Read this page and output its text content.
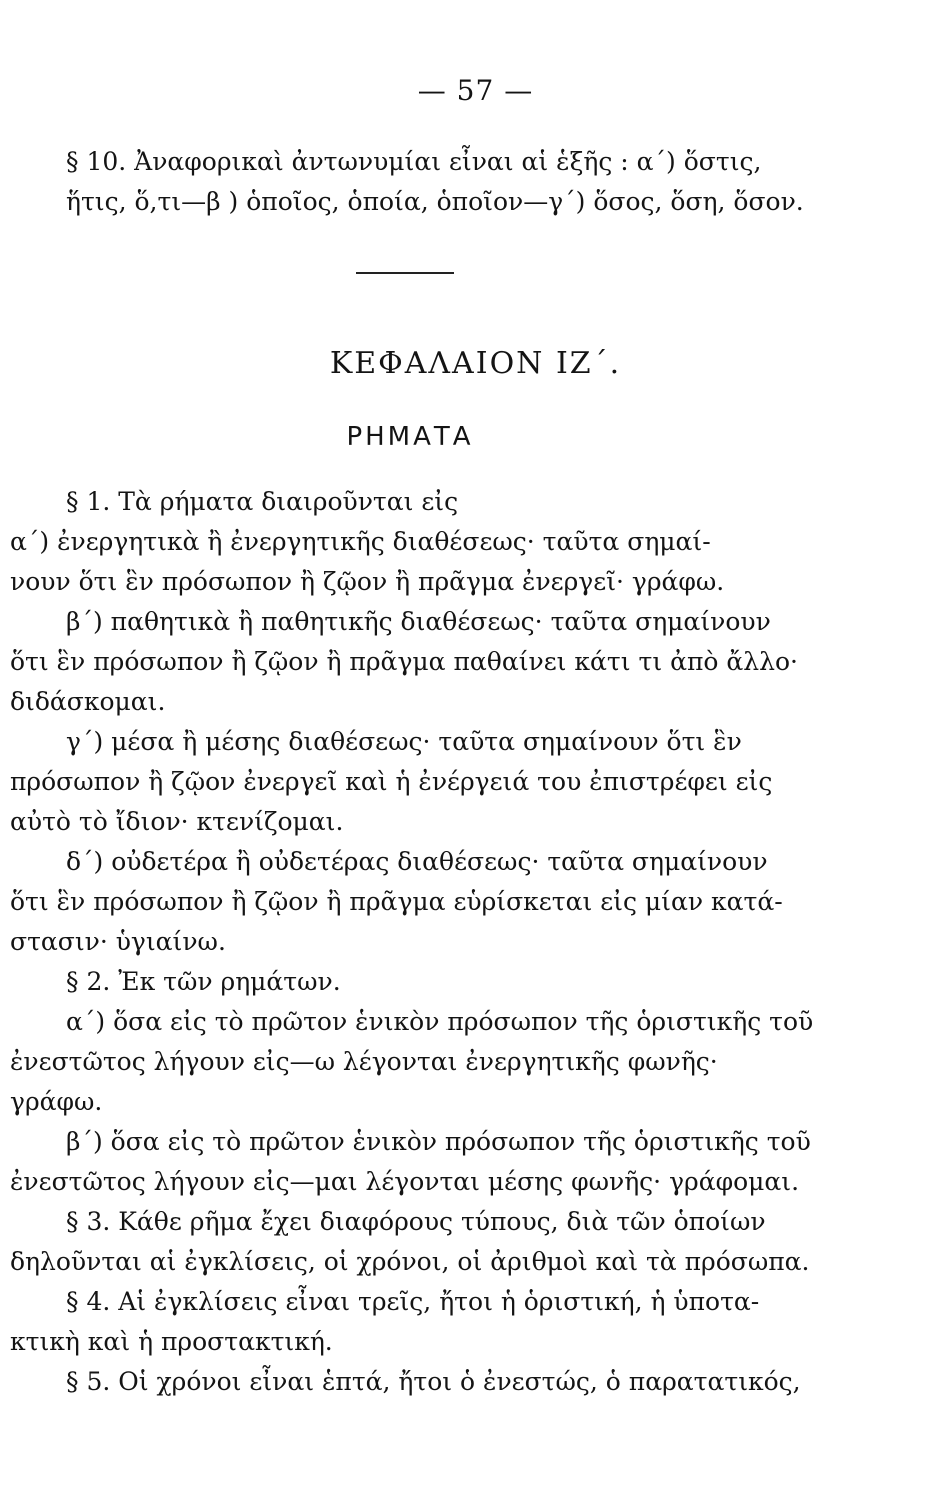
— 57 —

§ 10. Ἀναφορικαὶ ἀντωνυμίαι εἶναι αἱ ἑξῆς : α΄) ὅστις,
ἥτις, ὅ,τι—β ) ὁποῖος, ὁποία, ὁποῖον—γ΄) ὅσος, ὅση, ὅσον.

ΚΕΦΑΛΑΙΟΝ ΙΖ΄.
ΡΗΜΑΤΑ

§ 1. Τὰ ρήματα διαιροῦνται εἰς

α΄) ἐνεργητικὰ ἢ ἐνεργητικῆς διαθέσεως· ταῦτα σημαί-
νουν ὅτι ἓν πρόσωπον ἢ ζῷον ἢ πρᾶγμα ἐνεργεῖ· γράφω.

β΄) παθητικὰ ἢ παθητικῆς διαθέσεως· ταῦτα σημαίνουν
ὅτι ἓν πρόσωπον ἢ ζῷον ἢ πρᾶγμα παθαίνει κάτι τι ἀπὸ ἄλλο·
διδάσκομαι.

γ΄) μέσα ἢ μέσης διαθέσεως· ταῦτα σημαίνουν ὅτι ἓν
πρόσωπον ἢ ζῷον ἐνεργεῖ καὶ ἡ ἐνέργειά του ἐπιστρέφει εἰς
αὐτὸ τὸ ἴδιον· κτενίζομαι.

δ΄) οὐδετέρα ἢ οὐδετέρας διαθέσεως· ταῦτα σημαίνουν
ὅτι ἓν πρόσωπον ἢ ζῷον ἢ πρᾶγμα εὑρίσκεται εἰς μίαν κατά-
στασιν· ὑγιαίνω.

§ 2. Ἐκ τῶν ρημάτων.

α΄) ὅσα εἰς τὸ πρῶτον ἑνικὸν πρόσωπον τῆς ὁριστικῆς τοῦ
ἐνεστῶτος λήγουν εἰς—ω λέγονται ἐνεργητικῆς φωνῆς·
γράφω.

β΄) ὅσα εἰς τὸ πρῶτον ἑνικὸν πρόσωπον τῆς ὁριστικῆς τοῦ
ἐνεστῶτος λήγουν εἰς—μαι λέγονται μέσης φωνῆς· γράφομαι.

§ 3. Κάθε ρῆμα ἔχει διαφόρους τύπους, διὰ τῶν ὁποίων
δηλοῦνται αἱ ἐγκλίσεις, οἱ χρόνοι, οἱ ἀριθμοὶ καὶ τὰ πρόσωπα.

§ 4. Αἱ ἐγκλίσεις εἶναι τρεῖς, ἤτοι ἡ ὁριστική, ἡ ὑποτα-
κτικὴ καὶ ἡ προστακτική.

§ 5. Οἱ χρόνοι εἶναι ἑπτά, ἤτοι ὁ ἐνεστώς, ὁ παρατατικός,
